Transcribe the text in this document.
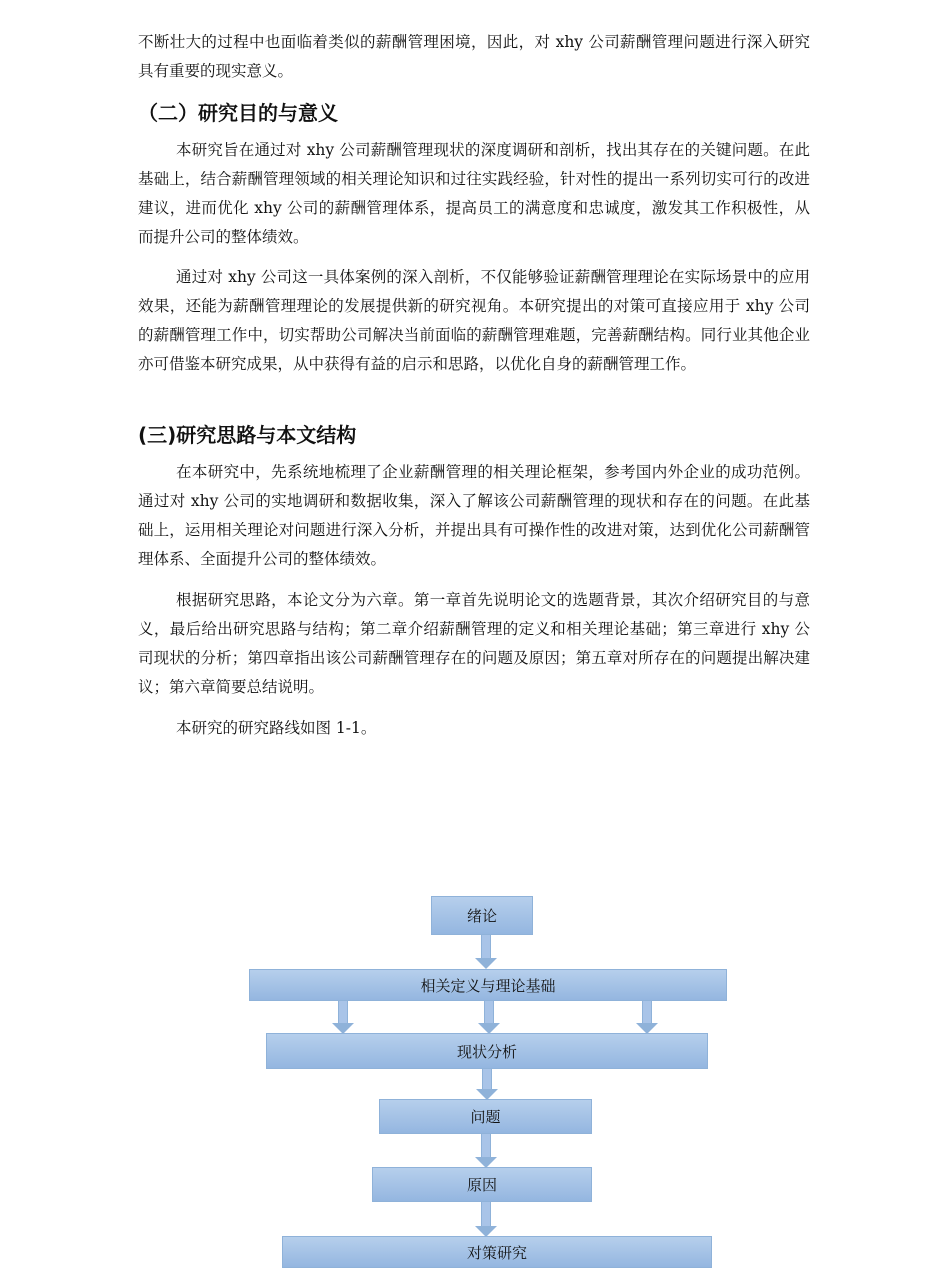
不断壮大的过程中也面临着类似的薪酬管理困境，因此，对 xhy 公司薪酬管理问题进行深入研究具有重要的现实意义。

（二）研究目的与意义

本研究旨在通过对 xhy 公司薪酬管理现状的深度调研和剖析，找出其存在的关键问题。在此基础上，结合薪酬管理领域的相关理论知识和过往实践经验，针对性的提出一系列切实可行的改进建议，进而优化 xhy 公司的薪酬管理体系，提高员工的满意度和忠诚度，激发其工作积极性，从而提升公司的整体绩效。

通过对 xhy 公司这一具体案例的深入剖析，不仅能够验证薪酬管理理论在实际场景中的应用效果，还能为薪酬管理理论的发展提供新的研究视角。本研究提出的对策可直接应用于 xhy 公司的薪酬管理工作中，切实帮助公司解决当前面临的薪酬管理难题，完善薪酬结构。同行业其他企业亦可借鉴本研究成果，从中获得有益的启示和思路，以优化自身的薪酬管理工作。

(三)研究思路与本文结构

在本研究中，先系统地梳理了企业薪酬管理的相关理论框架，参考国内外企业的成功范例。通过对 xhy 公司的实地调研和数据收集，深入了解该公司薪酬管理的现状和存在的问题。在此基础上，运用相关理论对问题进行深入分析，并提出具有可操作性的改进对策，达到优化公司薪酬管理体系、全面提升公司的整体绩效。

根据研究思路，本论文分为六章。第一章首先说明论文的选题背景，其次介绍研究目的与意义，最后给出研究思路与结构；第二章介绍薪酬管理的定义和相关理论基础；第三章进行 xhy 公司现状的分析；第四章指出该公司薪酬管理存在的问题及原因；第五章对所存在的问题提出解决建议；第六章简要总结说明。

本研究的研究路线如图 1-1。

绪论
相关定义与理论基础
现状分析
问题
原因
对策研究
